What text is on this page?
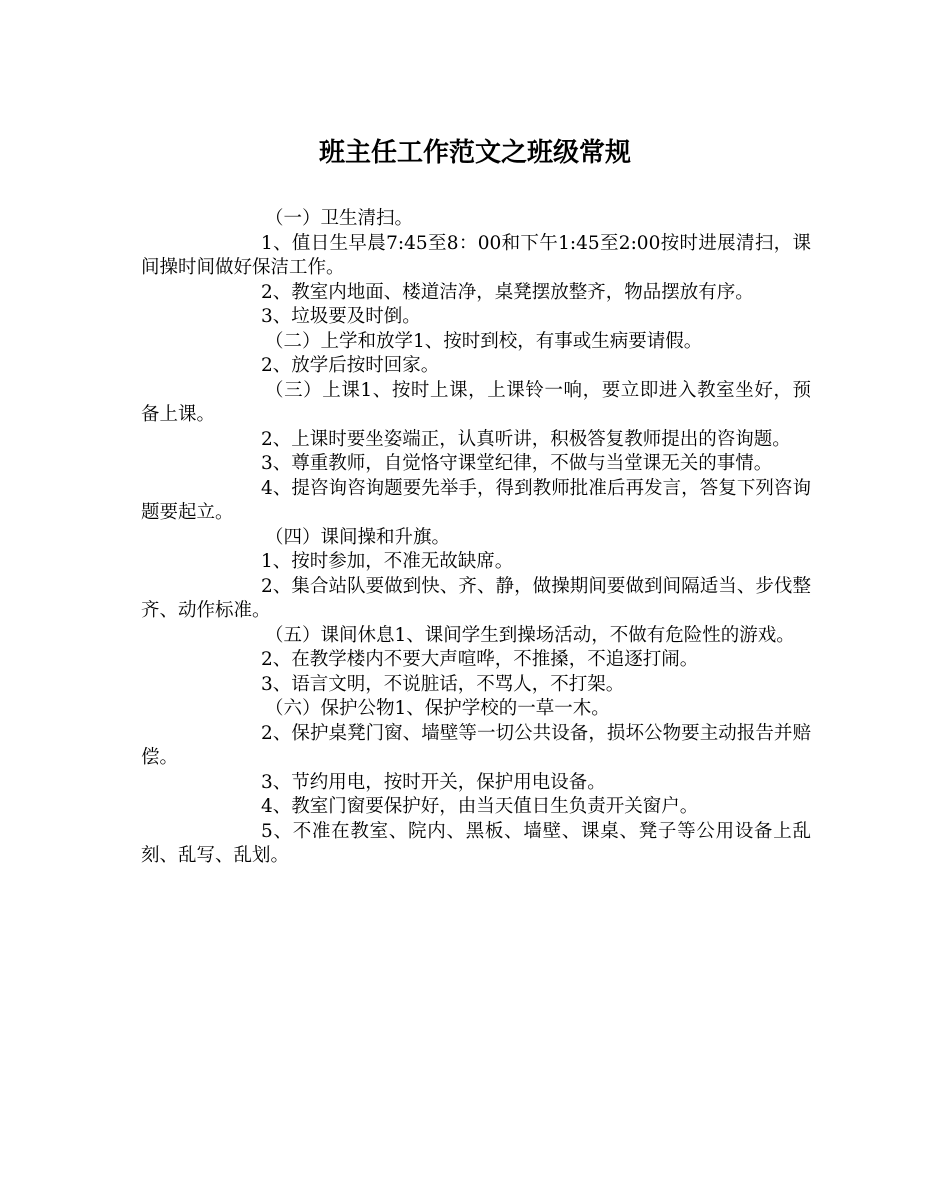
班主任工作范文之班级常规

（一）卫生清扫。

1、值日生早晨7:45至8：00和下午1:45至2:00按时进展清扫，课间操时间做好保洁工作。

2、教室内地面、楼道洁净，桌凳摆放整齐，物品摆放有序。

3、垃圾要及时倒。

（二）上学和放学1、按时到校，有事或生病要请假。

2、放学后按时回家。

（三）上课1、按时上课，上课铃一响，要立即进入教室坐好，预备上课。

2、上课时要坐姿端正，认真听讲，积极答复教师提出的咨询题。

3、尊重教师，自觉恪守课堂纪律，不做与当堂课无关的事情。

4、提咨询咨询题要先举手，得到教师批准后再发言，答复下列咨询题要起立。

（四）课间操和升旗。

1、按时参加，不准无故缺席。

2、集合站队要做到快、齐、静，做操期间要做到间隔适当、步伐整齐、动作标准。

（五）课间休息1、课间学生到操场活动，不做有危险性的游戏。

2、在教学楼内不要大声喧哗，不推搡，不追逐打闹。

3、语言文明，不说脏话，不骂人，不打架。

（六）保护公物1、保护学校的一草一木。

2、保护桌凳门窗、墙壁等一切公共设备，损坏公物要主动报告并赔偿。

3、节约用电，按时开关，保护用电设备。

4、教室门窗要保护好，由当天值日生负责开关窗户。

5、不准在教室、院内、黑板、墙壁、课桌、凳子等公用设备上乱刻、乱写、乱划。
